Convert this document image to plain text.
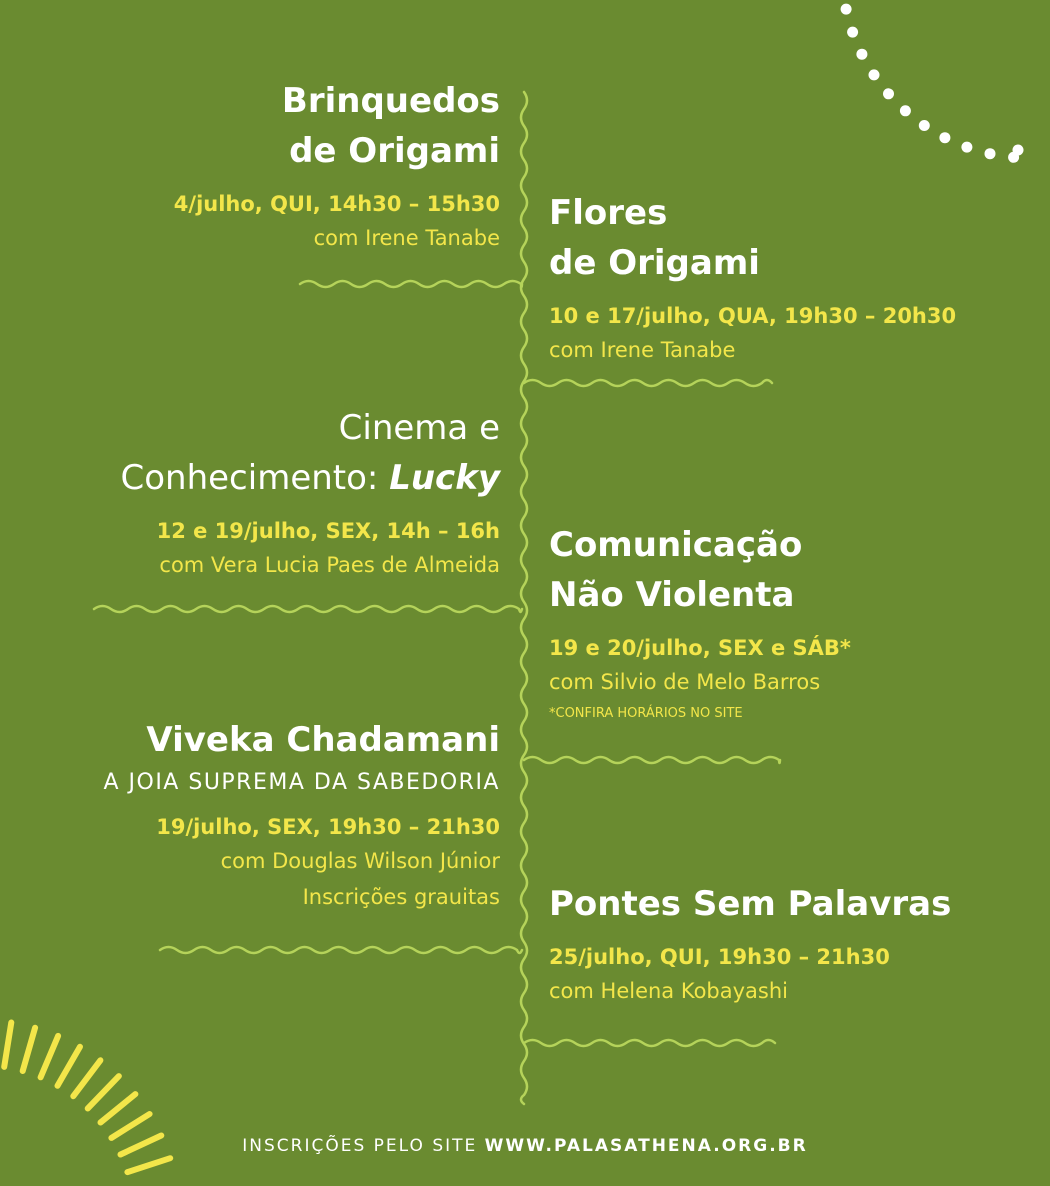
Brinquedos
de Origami
4/julho, QUI, 14h30 – 15h30
com Irene Tanabe
Flores
de Origami
10 e 17/julho, QUA, 19h30 – 20h30
com Irene Tanabe
Cinema e
Conhecimento: Lucky
12 e 19/julho, SEX, 14h – 16h
com Vera Lucia Paes de Almeida Comunicação
Não Violenta
19 e 20/julho, SEX e SÁB*
com Silvio de Melo Barros
*CONFIRA HORÁRIOS NO SITE
Viveka Chadamani
A JOIA SUPREMA DA SABEDORIA
19/julho, SEX, 19h30 – 21h30
com Douglas Wilson Júnior
Inscrições grauitas Pontes Sem Palavras
25/julho, QUI, 19h30 – 21h30
com Helena Kobayashi
INSCRIÇÕES PELO SITE WWW.PALASATHENA.ORG.BR
